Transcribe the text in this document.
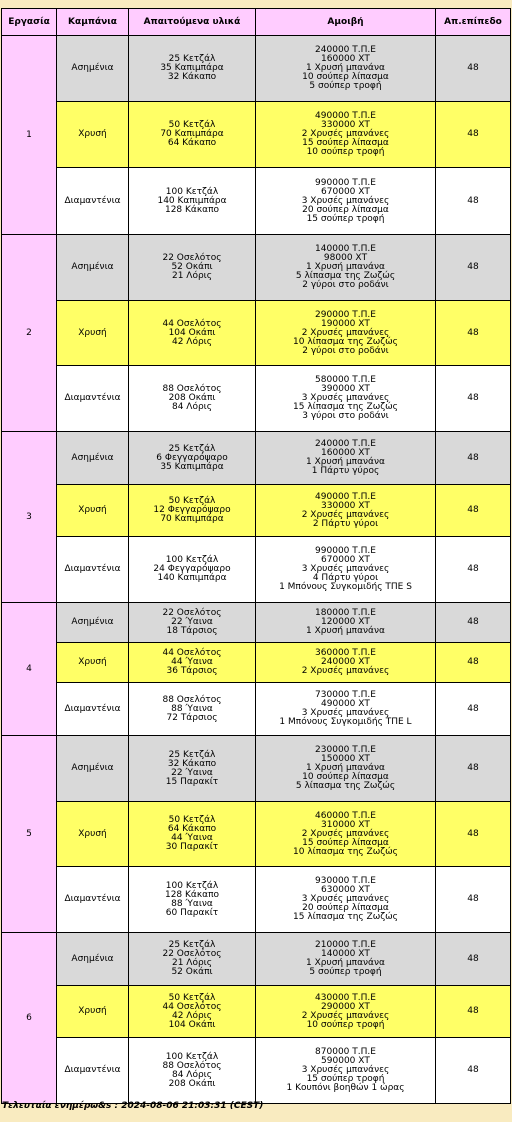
Εργασία	Καμπάνια	Απαιτούμενα υλικά	Αμοιβή	Απ.επίπεδο
1	Ασημένια	25 Κετζάλ
35 Καπιμπάρα
32 Κάκαπο	240000 Τ.Π.Ε
160000 ΧΤ
1 Χρυσή μπανάνα
10 σούπερ λίπασμα
5 σούπερ τροφή	48
	Χρυσή	50 Κετζάλ
70 Καπιμπάρα
64 Κάκαπο	490000 Τ.Π.Ε
330000 ΧΤ
2 Χρυσές μπανάνες
15 σούπερ λίπασμα
10 σούπερ τροφή	48
	Διαμαντένια	100 Κετζάλ
140 Καπιμπάρα
128 Κάκαπο	990000 Τ.Π.Ε
670000 ΧΤ
3 Χρυσές μπανάνες
20 σούπερ λίπασμα
15 σούπερ τροφή	48
2	Ασημένια	22 Οσελότος
52 Οκάπι
21 Λόρις	140000 Τ.Π.Ε
98000 ΧΤ
1 Χρυσή μπανάνα
5 λίπασμα της Ζωζώς
2 γύροι στο ροδάνι	48
	Χρυσή	44 Οσελότος
104 Οκάπι
42 Λόρις	290000 Τ.Π.Ε
190000 ΧΤ
2 Χρυσές μπανάνες
10 λίπασμα της Ζωζώς
2 γύροι στο ροδάνι	48
	Διαμαντένια	88 Οσελότος
208 Οκάπι
84 Λόρις	580000 Τ.Π.Ε
390000 ΧΤ
3 Χρυσές μπανάνες
15 λίπασμα της Ζωζώς
3 γύροι στο ροδάνι	48
3	Ασημένια	25 Κετζάλ
6 Φεγγαρόψαρο
35 Καπιμπάρα	240000 Τ.Π.Ε
160000 ΧΤ
1 Χρυσή μπανάνα
1 Πάρτυ γύρος	48
	Χρυσή	50 Κετζάλ
12 Φεγγαρόψαρο
70 Καπιμπάρα	490000 Τ.Π.Ε
330000 ΧΤ
2 Χρυσές μπανάνες
2 Πάρτυ γύροι	48
	Διαμαντένια	100 Κετζάλ
24 Φεγγαρόψαρο
140 Καπιμπάρα	990000 Τ.Π.Ε
670000 ΧΤ
3 Χρυσές μπανάνες
4 Πάρτυ γύροι
1 Μπόνους Συγκομιδής ΤΠΕ S	48
4	Ασημένια	22 Οσελότος
22 Ύαινα
18 Τάρσιος	180000 Τ.Π.Ε
120000 ΧΤ
1 Χρυσή μπανάνα	48
	Χρυσή	44 Οσελότος
44 Ύαινα
36 Τάρσιος	360000 Τ.Π.Ε
240000 ΧΤ
2 Χρυσές μπανάνες	48
	Διαμαντένια	88 Οσελότος
88 Ύαινα
72 Τάρσιος	730000 Τ.Π.Ε
490000 ΧΤ
3 Χρυσές μπανάνες
1 Μπόνους Συγκομιδής ΤΠΕ L	48
5	Ασημένια	25 Κετζάλ
32 Κάκαπο
22 Ύαινα
15 Παρακίτ	230000 Τ.Π.Ε
150000 ΧΤ
1 Χρυσή μπανάνα
10 σούπερ λίπασμα
5 λίπασμα της Ζωζώς	48
	Χρυσή	50 Κετζάλ
64 Κάκαπο
44 Ύαινα
30 Παρακίτ	460000 Τ.Π.Ε
310000 ΧΤ
2 Χρυσές μπανάνες
15 σούπερ λίπασμα
10 λίπασμα της Ζωζώς	48
	Διαμαντένια	100 Κετζάλ
128 Κάκαπο
88 Ύαινα
60 Παρακίτ	930000 Τ.Π.Ε
630000 ΧΤ
3 Χρυσές μπανάνες
20 σούπερ λίπασμα
15 λίπασμα της Ζωζώς	48
6	Ασημένια	25 Κετζάλ
22 Οσελότος
21 Λόρις
52 Οκάπι	210000 Τ.Π.Ε
140000 ΧΤ
1 Χρυσή μπανάνα
5 σούπερ τροφή	48
	Χρυσή	50 Κετζάλ
44 Οσελότος
42 Λόρις
104 Οκάπι	430000 Τ.Π.Ε
290000 ΧΤ
2 Χρυσές μπανάνες
10 σούπερ τροφή	48
	Διαμαντένια	100 Κετζάλ
88 Οσελότος
84 Λόρις
208 Οκάπι	870000 Τ.Π.Ε
590000 ΧΤ
3 Χρυσές μπανάνες
15 σούπερ τροφή
1 Κουπόνι βοηθών 1 ώρας	48
Τελευταία ενημέρω&s : 2024-08-06 21:03:31 (CEST)
